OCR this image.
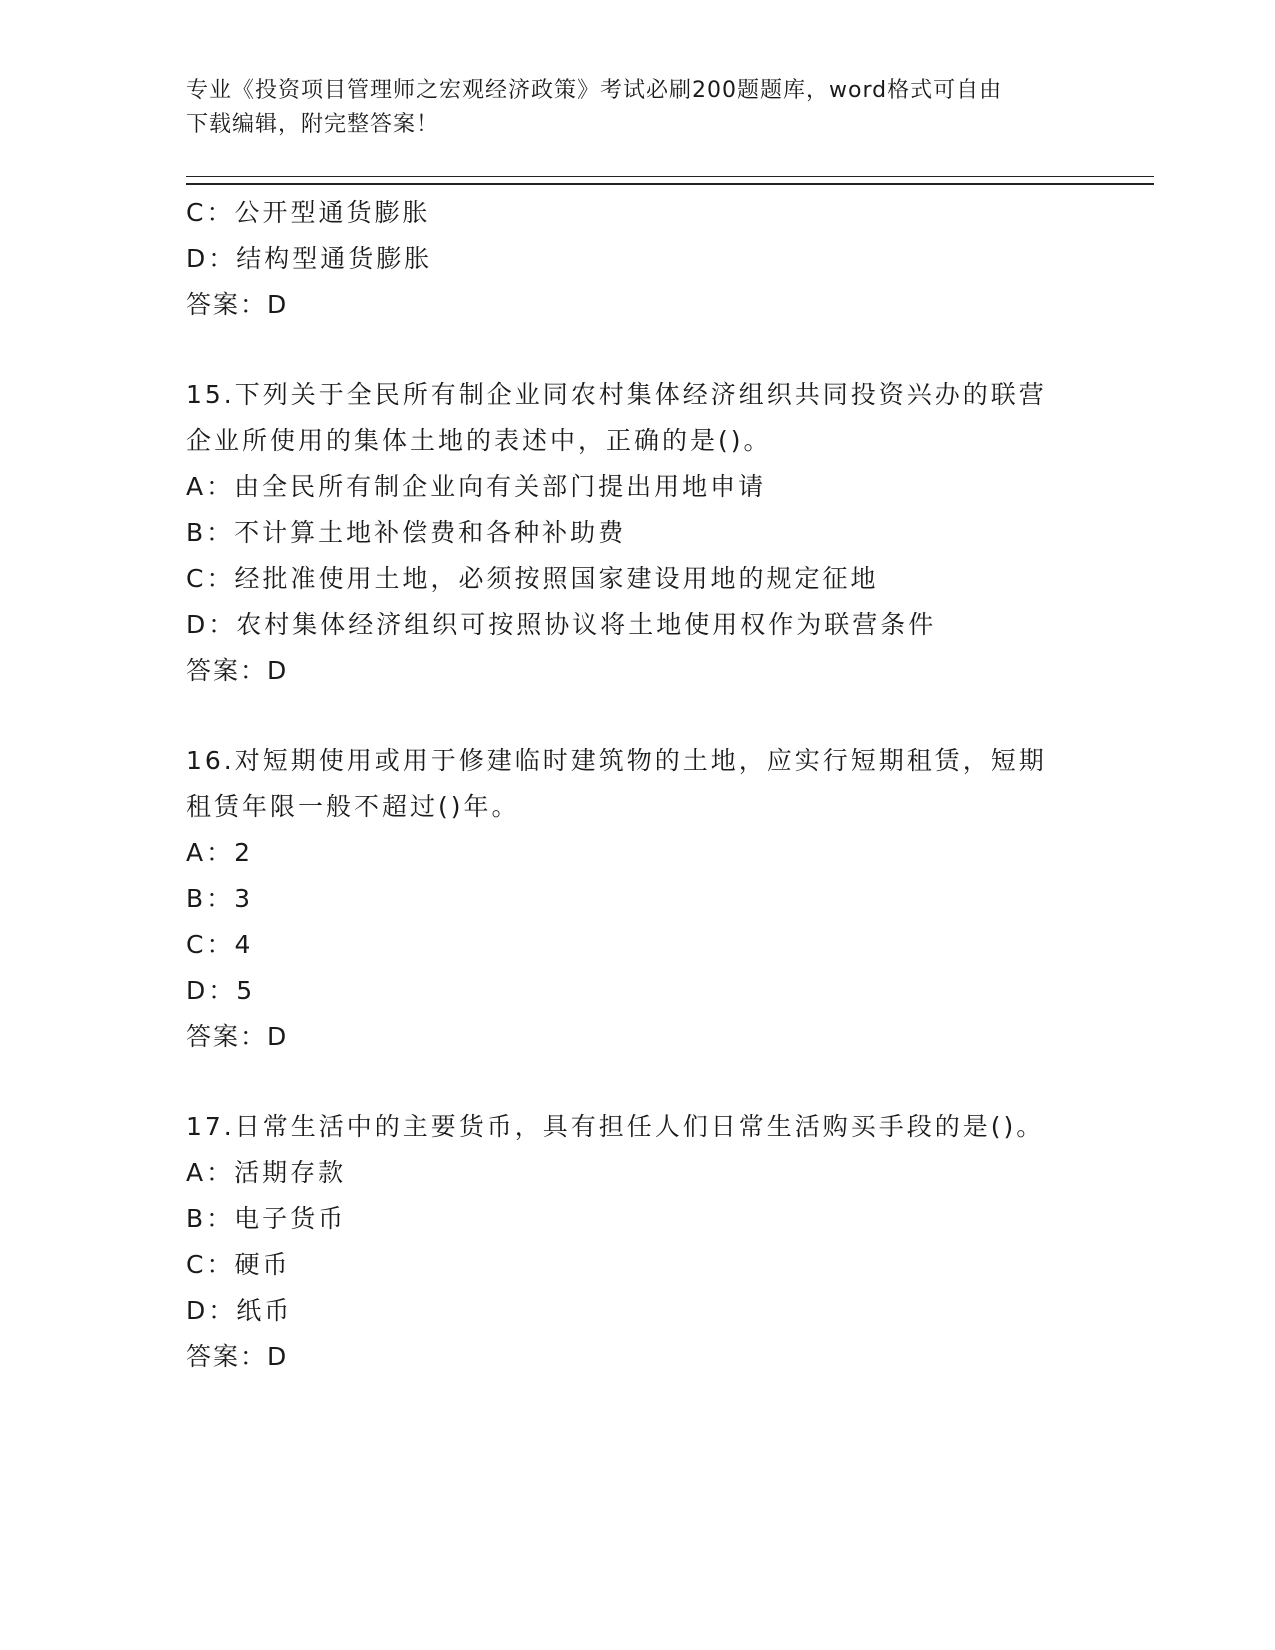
专业《投资项目管理师之宏观经济政策》考试必刷200题题库，word格式可自由
下载编辑，附完整答案！
C：公开型通货膨胀
D：结构型通货膨胀
答案：D
15.下列关于全民所有制企业同农村集体经济组织共同投资兴办的联营
企业所使用的集体土地的表述中，正确的是()。
A：由全民所有制企业向有关部门提出用地申请
B：不计算土地补偿费和各种补助费
C：经批准使用土地，必须按照国家建设用地的规定征地
D：农村集体经济组织可按照协议将土地使用权作为联营条件
答案：D
16.对短期使用或用于修建临时建筑物的土地，应实行短期租赁，短期
租赁年限一般不超过()年。
A：2
B：3
C：4
D：5
答案：D
17.日常生活中的主要货币，具有担任人们日常生活购买手段的是()。
A：活期存款
B：电子货币
C：硬币
D：纸币
答案：D
